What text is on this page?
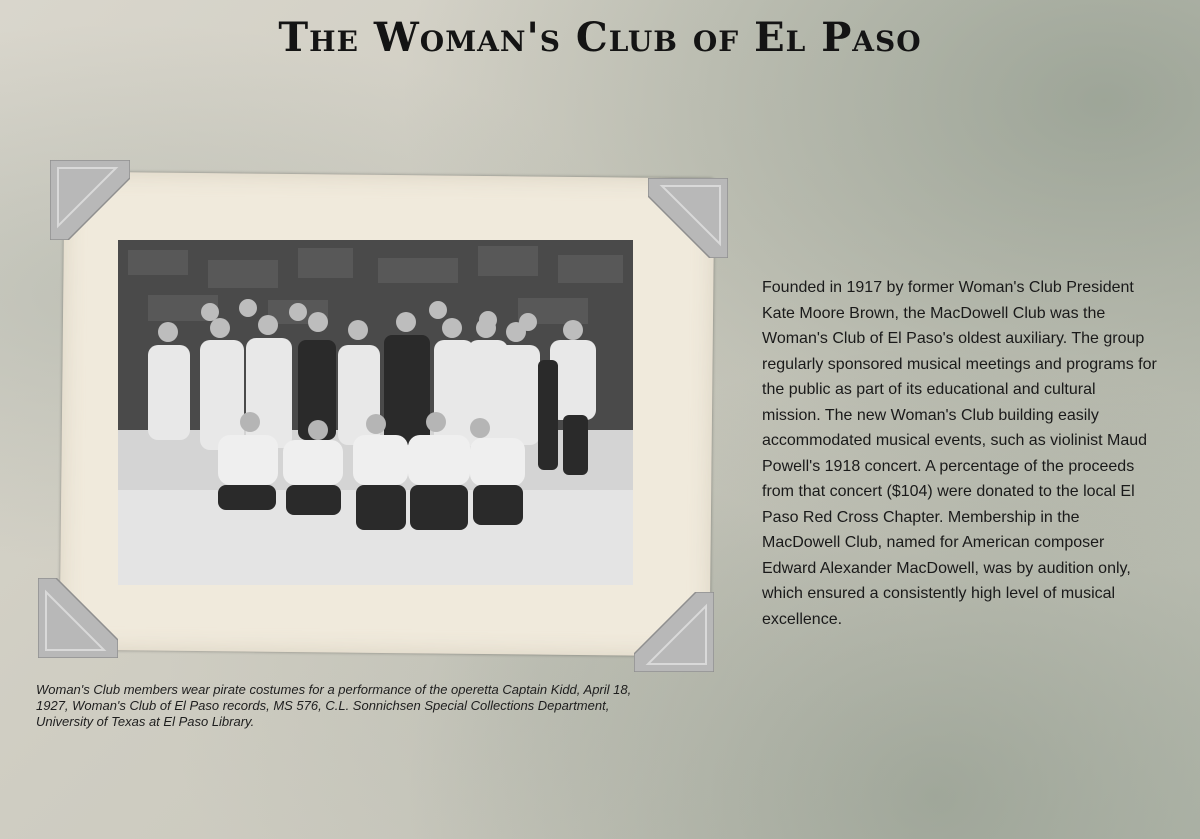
The Woman's Club of El Paso

Woman's Club members wear pirate costumes for a performance of the operetta Captain Kidd, April 18, 1927, Woman's Club of El Paso records, MS 576, C.L. Sonnichsen Special Collections Department, University of Texas at El Paso Library.

Founded in 1917 by former Woman's Club President Kate Moore Brown, the MacDowell Club was the Woman's Club of El Paso's oldest auxiliary. The group regularly sponsored musical meetings and programs for the public as part of its educational and cultural mission. The new Woman's Club building easily accommodated musical events, such as violinist Maud Powell's 1918 concert. A percentage of the proceeds from that concert ($104) were donated to the local El Paso Red Cross Chapter. Membership in the MacDowell Club, named for American composer Edward Alexander MacDowell, was by audition only, which ensured a consistently high level of musical excellence.
